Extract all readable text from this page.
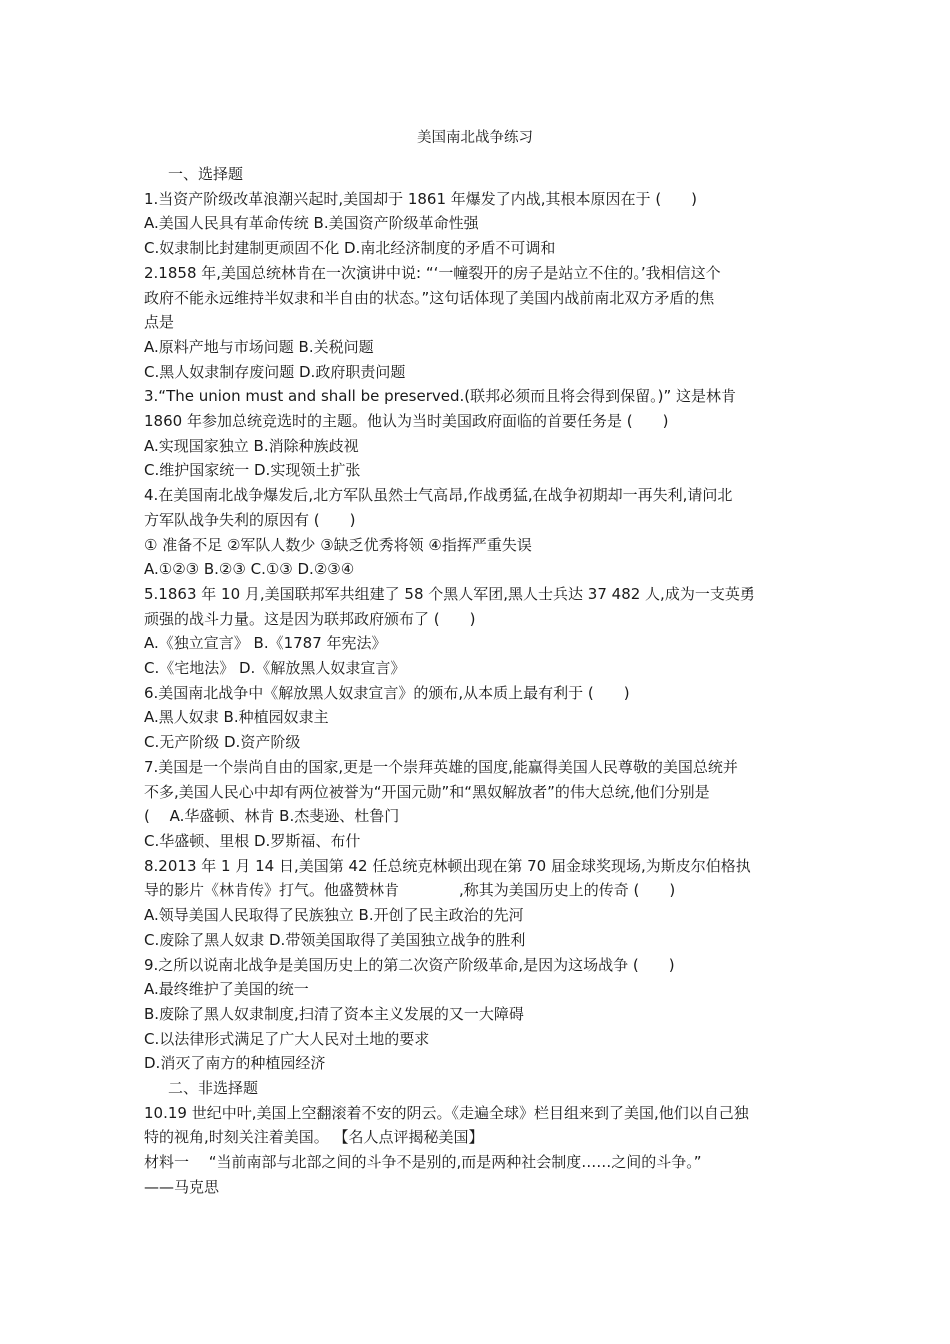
美国南北战争练习
一、选择题
1.当资产阶级改革浪潮兴起时,美国却于 1861 年爆发了内战,其根本原因在于 (　　)
A.美国人民具有革命传统 B.美国资产阶级革命性强
C.奴隶制比封建制更顽固不化 D.南北经济制度的矛盾不可调和
2.1858 年,美国总统林肯在一次演讲中说: “‘一幢裂开的房子是站立不住的。’我相信这个
政府不能永远维持半奴隶和半自由的状态。”这句话体现了美国内战前南北双方矛盾的焦
点是
A.原料产地与市场问题 B.关税问题
C.黑人奴隶制存废问题 D.政府职责问题
3.“The union must and shall be preserved.(联邦必须而且将会得到保留。)” 这是林肯
1860 年参加总统竞选时的主题。他认为当时美国政府面临的首要任务是 (　　)
A.实现国家独立 B.消除种族歧视
C.维护国家统一 D.实现领土扩张
4.在美国南北战争爆发后,北方军队虽然士气高昂,作战勇猛,在战争初期却一再失利,请问北
方军队战争失利的原因有 (　　)
① 准备不足 ②军队人数少 ③缺乏优秀将领 ④指挥严重失误
A.①②③ B.②③ C.①③ D.②③④
5.1863 年 10 月,美国联邦军共组建了 58 个黑人军团,黑人士兵达 37 482 人,成为一支英勇
顽强的战斗力量。这是因为联邦政府颁布了 (　　)
A.《独立宣言》 B.《1787 年宪法》
C.《宅地法》 D.《解放黑人奴隶宣言》
6.美国南北战争中《解放黑人奴隶宣言》的颁布,从本质上最有利于 (　　)
A.黑人奴隶 B.种植园奴隶主
C.无产阶级 D.资产阶级
7.美国是一个崇尚自由的国家,更是一个崇拜英雄的国度,能赢得美国人民尊敬的美国总统并
不多,美国人民心中却有两位被誉为“开国元勋”和“黑奴解放者”的伟大总统,他们分别是
(　 A.华盛顿、林肯 B.杰斐逊、杜鲁门
C.华盛顿、里根 D.罗斯福、布什
8.2013 年 1 月 14 日,美国第 42 任总统克林顿出现在第 70 届金球奖现场,为斯皮尔伯格执
导的影片《林肯传》打气。他盛赞林肯　　　　,称其为美国历史上的传奇 (　　)
A.领导美国人民取得了民族独立 B.开创了民主政治的先河
C.废除了黑人奴隶 D.带领美国取得了美国独立战争的胜利
9.之所以说南北战争是美国历史上的第二次资产阶级革命,是因为这场战争 (　　)
A.最终维护了美国的统一
B.废除了黑人奴隶制度,扫清了资本主义发展的又一大障碍
C.以法律形式满足了广大人民对土地的要求
D.消灭了南方的种植园经济
二、非选择题
10.19 世纪中叶,美国上空翻滚着不安的阴云。《走遍全球》栏目组来到了美国,他们以自己独
特的视角,时刻关注着美国。 【名人点评揭秘美国】
材料一　 “当前南部与北部之间的斗争不是别的,而是两种社会制度……之间的斗争。”
——马克思
